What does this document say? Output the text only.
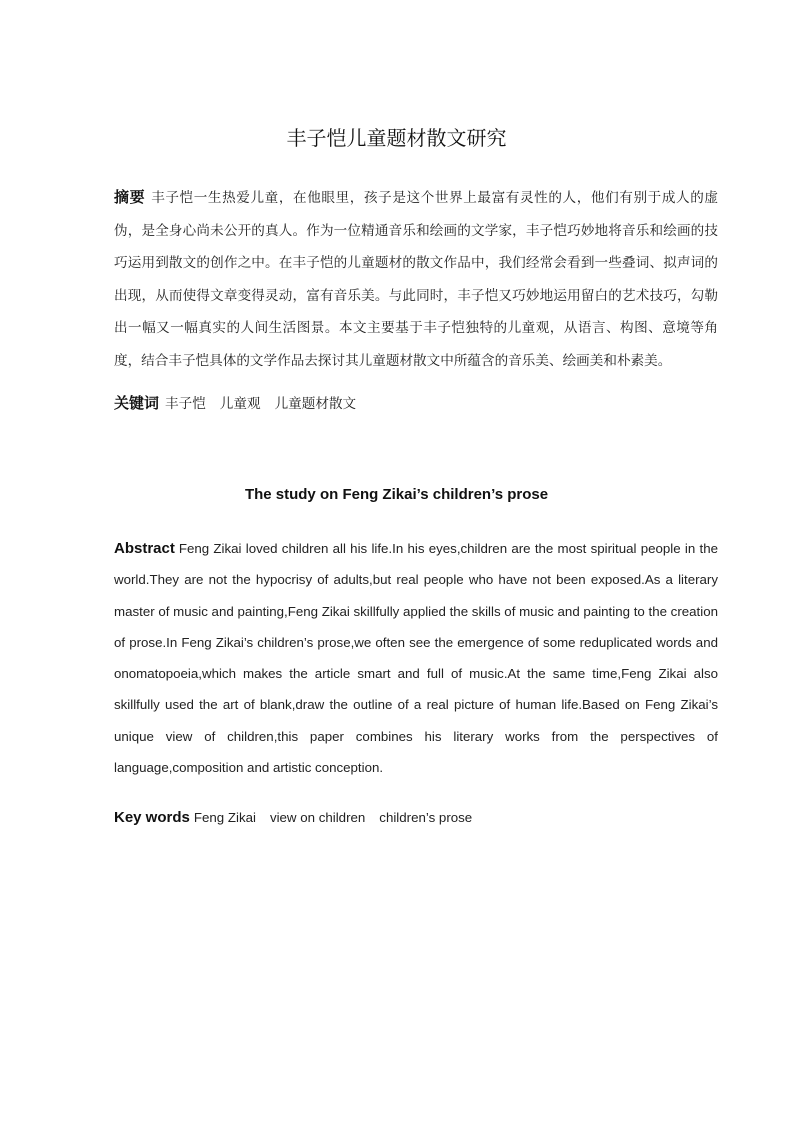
丰子恺儿童题材散文研究

摘要 丰子恺一生热爱儿童，在他眼里，孩子是这个世界上最富有灵性的人，他们有别于成人的虚伪，是全身心尚未公开的真人。作为一位精通音乐和绘画的文学家，丰子恺巧妙地将音乐和绘画的技巧运用到散文的创作之中。在丰子恺的儿童题材的散文作品中，我们经常会看到一些叠词、拟声词的出现，从而使得文章变得灵动，富有音乐美。与此同时，丰子恺又巧妙地运用留白的艺术技巧，勾勒出一幅又一幅真实的人间生活图景。本文主要基于丰子恺独特的儿童观，从语言、构图、意境等角度，结合丰子恺具体的文学作品去探讨其儿童题材散文中所蕴含的音乐美、绘画美和朴素美。

关键词 丰子恺 儿童观 儿童题材散文

The study on Feng Zikai’s children’s prose

Abstract Feng Zikai loved children all his life.In his eyes,children are the most spiritual people in the world.They are not the hypocrisy of adults,but real people who have not been exposed.As a literary master of music and painting,Feng Zikai skillfully applied the skills of music and painting to the creation of prose.In Feng Zikai’s children’s prose,we often see the emergence of some reduplicated words and onomatopoeia,which makes the article smart and full of music.At the same time,Feng Zikai also skillfully used the art of blank,draw the outline of a real picture of human life.Based on Feng Zikai’s unique view of children,this paper combines his literary works from the perspectives of language,composition and artistic conception.

Key words Feng Zikai view on children children’s prose
